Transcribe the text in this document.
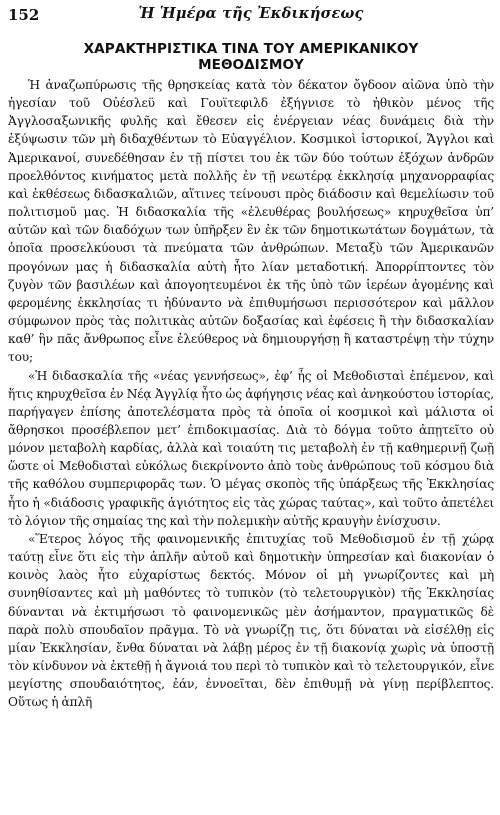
152	Ἡ Ἡμέρα τῆς Ἐκδικήσεως
ΧΑΡΑΚΤΗΡΙΣΤΙΚΑ ΤΙΝΑ ΤΟΥ ΑΜΕΡΙΚΑΝΙΚΟΥ
ΜΕΘΟΔΙΣΜΟΥ

Ἡ ἀναζωπύρωσις τῆς θρησκείας κατὰ τὸν δέκατον ὄγδοον αἰῶνα ὑπὸ τὴν ἡγεσίαν τοῦ Οὐέσλεϋ καὶ Γουϊτεφιλδ ἐξήγνισε τὸ ἠθικὸν μένος τῆς Ἀγγλοσαξωνικῆς φυλῆς καὶ ἔθεσεν εἰς ἐνέργειαν νέας δυνάμεις διὰ τὴν ἐξύψωσιν τῶν μὴ διδαχθέντων τὸ Εὐαγγέλιον. Κοσμικοὶ ἱστορικοί, Ἄγγλοι καὶ Ἀμερικανοί, συνεδέθησαν ἐν τῇ πίστει του ἐκ τῶν δύο τούτων ἐξόχων ἀνδρῶν προελθόντος κινήματος μετὰ πολλῆς ἐν τῇ νεωτέρᾳ ἐκκλησίᾳ μηχανορραφίας καὶ ἐκθέσεως διδασκαλιῶν, αἵτινες τείνουσι πρὸς διάδοσιν καὶ θεμελίωσιν τοῦ πολιτισμοῦ μας. Ἡ διδασκαλία τῆς «ἐλευθέρας βουλήσεως» κηρυχθεῖσα ὑπ’ αὐτῶν καὶ τῶν διαδόχων των ὑπῆρξεν ἓν ἐκ τῶν δημοτικωτάτων δογμάτων, τὰ ὁποῖα προσελκύουσι τὰ πνεύματα τῶν ἀνθρώπων. Μεταξὺ τῶν Ἀμερικανῶν προγόνων μας ἡ διδασκαλία αὐτὴ ἦτο λίαν μεταδοτική. Ἀπορρίπτοντες τὸν ζυγὸν τῶν βασιλέων καὶ ἀπογοητευμένοι ἐκ τῆς ὑπὸ τῶν ἱερέων ἀγομένης καὶ φερομένης ἐκκλησίας τι ἠδύναντο νὰ ἐπιθυμήσωσι περισσότερον καὶ μᾶλλον σύμφωνον πρὸς τὰς πολιτικὰς αὐτῶν δοξασίας καὶ ἐφέσεις ἢ τὴν διδασκαλίαν καθ’ ἣν πᾶς ἄνθρωπος εἶνε ἐλεύθερος νὰ δημιουργήσῃ ἢ καταστρέψῃ τὴν τύχην του;

«Ἡ διδασκαλία τῆς «νέας γεννήσεως», ἐφ’ ἧς οἱ Μεθοδισταὶ ἐπέμενον, καὶ ἥτις κηρυχθεῖσα ἐν Νέᾳ Ἀγγλίᾳ ἦτο ὡς ἀφήγησις νέας καὶ ἀνηκούστου ἱστορίας, παρήγαγεν ἐπίσης ἀποτελέσματα πρὸς τὰ ὁποῖα οἱ κοσμικοὶ καὶ μάλιστα οἱ ἄθρησκοι προσέβλεπον μετ’ ἐπιδοκιμασίας. Διὰ τὸ δόγμα τοῦτο ἀπῃτεῖτο οὐ μόνον μεταβολὴ καρδίας, ἀλλὰ καὶ τοιαύτη τις μεταβολὴ ἐν τῇ καθημερινῇ ζωῇ ὥστε οἱ Μεθοδισταὶ εὐκόλως διεκρίνοντο ἀπὸ τοὺς ἀνθρώπους τοῦ κόσμου διὰ τῆς καθόλου συμπεριφορᾶς των. Ὁ μέγας σκοπὸς τῆς ὑπάρξεως τῆς Ἐκκλησίας ἦτο ἡ «διάδοσις γραφικῆς ἁγιότητος εἰς τὰς χώρας ταύτας», καὶ τοῦτο ἀπετέλει τὸ λόγιον τῆς σημαίας της καὶ τὴν πολεμικὴν αὐτῆς κραυγὴν ἐνίσχυσιν.

«Ἕτερος λόγος τῆς φαινομενικῆς ἐπιτυχίας τοῦ Μεθοδισμοῦ ἐν τῇ χώρᾳ ταύτῃ εἶνε ὅτι εἰς τὴν ἁπλῆν αὐτοῦ καὶ δημοτικὴν ὑπηρεσίαν καὶ διακονίαν ὁ κοινὸς λαὸς ἦτο εὐχαρίστως δεκτός. Μόνον οἱ μὴ γνωρίζοντες καὶ μὴ συνηθίσαντες καὶ μὴ μαθόντες τὸ τυπικὸν (τὸ τελετουργικὸν) τῆς Ἐκκλησίας δύνανται νὰ ἐκτιμήσωσι τὸ φαινομενικῶς μὲν ἀσήμαντον, πραγματικῶς δὲ παρὰ πολὺ σπουδαῖον πρᾶγμα. Τὸ νὰ γνωρίζῃ τις, ὅτι δύναται νὰ εἰσέλθῃ εἰς μίαν Ἐκκλησίαν, ἔνθα δύναται νὰ λάβῃ μέρος ἐν τῇ διακονίᾳ χωρὶς νὰ ὑποστῇ τὸν κίνδυνον νὰ ἐκτεθῇ ἡ ἄγνοιά του περὶ τὸ τυπικὸν καὶ τὸ τελετουργικόν, εἶνε μεγίστης σπουδαιότητος, ἐάν, ἐννοεῖται, δὲν ἐπιθυμῇ νὰ γίνῃ περίβλεπτος. Οὕτως ἡ ἁπλῆ
